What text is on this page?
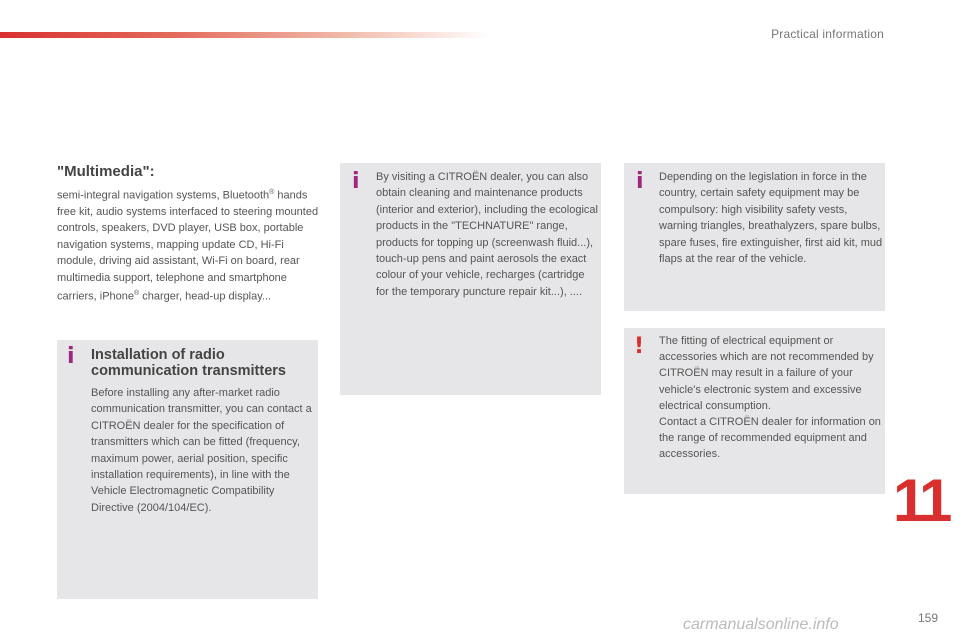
Practical information
"Multimedia":

semi-integral navigation systems, Bluetooth® hands free kit, audio systems interfaced to steering mounted controls, speakers, DVD player, USB box, portable navigation systems, mapping update CD, Hi-Fi module, driving aid assistant, Wi-Fi on board, rear multimedia support, telephone and smartphone carriers, iPhone® charger, head-up display...

i Installation of radio communication transmitters

Before installing any after-market radio communication transmitter, you can contact a CITROËN dealer for the specification of transmitters which can be fitted (frequency, maximum power, aerial position, specific installation requirements), in line with the Vehicle Electromagnetic Compatibility Directive (2004/104/EC).

i By visiting a CITROËN dealer, you can also obtain cleaning and maintenance products (interior and exterior), including the ecological products in the "TECHNATURE" range, products for topping up (screenwash fluid...), touch-up pens and paint aerosols the exact colour of your vehicle, recharges (cartridge for the temporary puncture repair kit...), ....

i Depending on the legislation in force in the country, certain safety equipment may be compulsory: high visibility safety vests, warning triangles, breathalyzers, spare bulbs, spare fuses, fire extinguisher, first aid kit, mud flaps at the rear of the vehicle.

! The fitting of electrical equipment or accessories which are not recommended by CITROËN may result in a failure of your vehicle's electronic system and excessive electrical consumption.
Contact a CITROËN dealer for information on the range of recommended equipment and accessories.
11
159
carmanualsonline.info
